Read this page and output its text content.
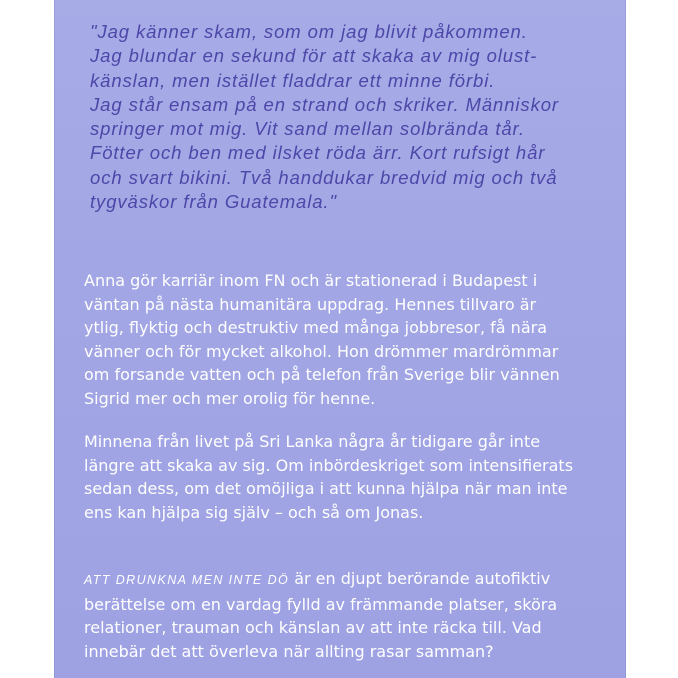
"Jag känner skam, som om jag blivit påkommen.
Jag blundar en sekund för att skaka av mig olust-
känslan, men istället fladdrar ett minne förbi.
Jag står ensam på en strand och skriker. Människor
springer mot mig. Vit sand mellan solbrända tår.
Fötter och ben med ilsket röda ärr. Kort rufsigt hår
och svart bikini. Två handdukar bredvid mig och två
tygväskor från Guatemala."

Anna gör karriär inom FN och är stationerad i Budapest i
väntan på nästa humanitära uppdrag. Hennes tillvaro är
ytlig, flyktig och destruktiv med många jobbresor, få nära
vänner och för mycket alkohol. Hon drömmer mardrömmar
om forsande vatten och på telefon från Sverige blir vännen
Sigrid mer och mer orolig för henne.

Minnena från livet på Sri Lanka några år tidigare går inte
längre att skaka av sig. Om inbördeskriget som intensifierats
sedan dess, om det omöjliga i att kunna hjälpa när man inte
ens kan hjälpa sig själv – och så om Jonas.

ATT DRUNKNA MEN INTE DÖ är en djupt berörande autofiktiv
berättelse om en vardag fylld av främmande platser, sköra
relationer, trauman och känslan av att inte räcka till. Vad
innebär det att överleva när allting rasar samman?
